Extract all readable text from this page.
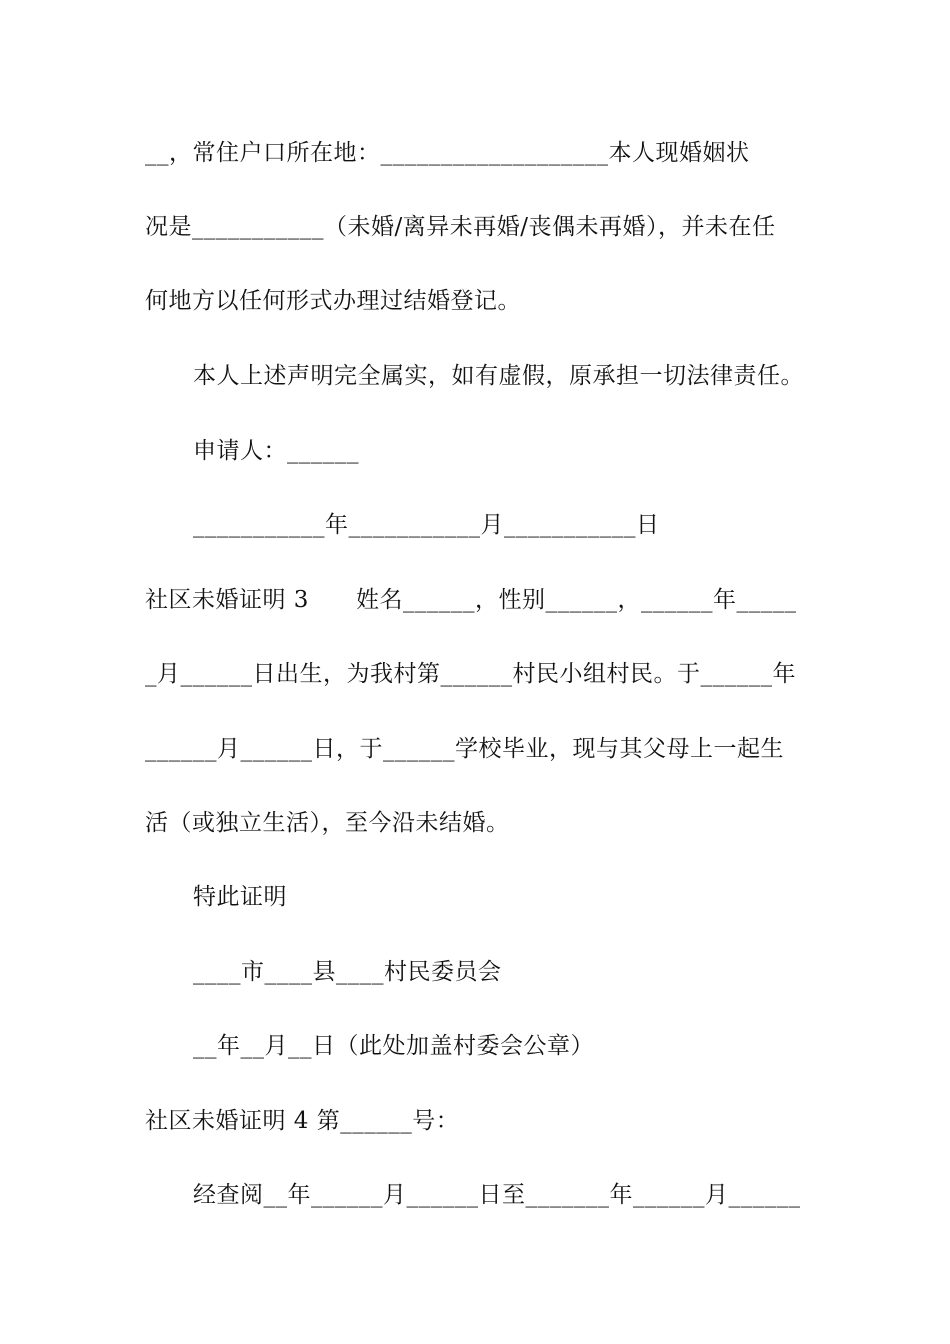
__，常住户口所在地：___________________本人现婚姻状
况是___________（未婚/离异未再婚/丧偶未再婚），并未在任
何地方以任何形式办理过结婚登记。
本人上述声明完全属实，如有虚假，原承担一切法律责任。
申请人：______
___________年___________月___________日
社区未婚证明 3　　姓名______，性别______，______年_____
_月______日出生，为我村第______村民小组村民。于______年
______月______日，于______学校毕业，现与其父母上一起生
活（或独立生活），至今沿未结婚。
特此证明
____市____县____村民委员会
__年__月__日（此处加盖村委会公章）
社区未婚证明 4 第______号：
经查阅__年______月______日至_______年______月______
